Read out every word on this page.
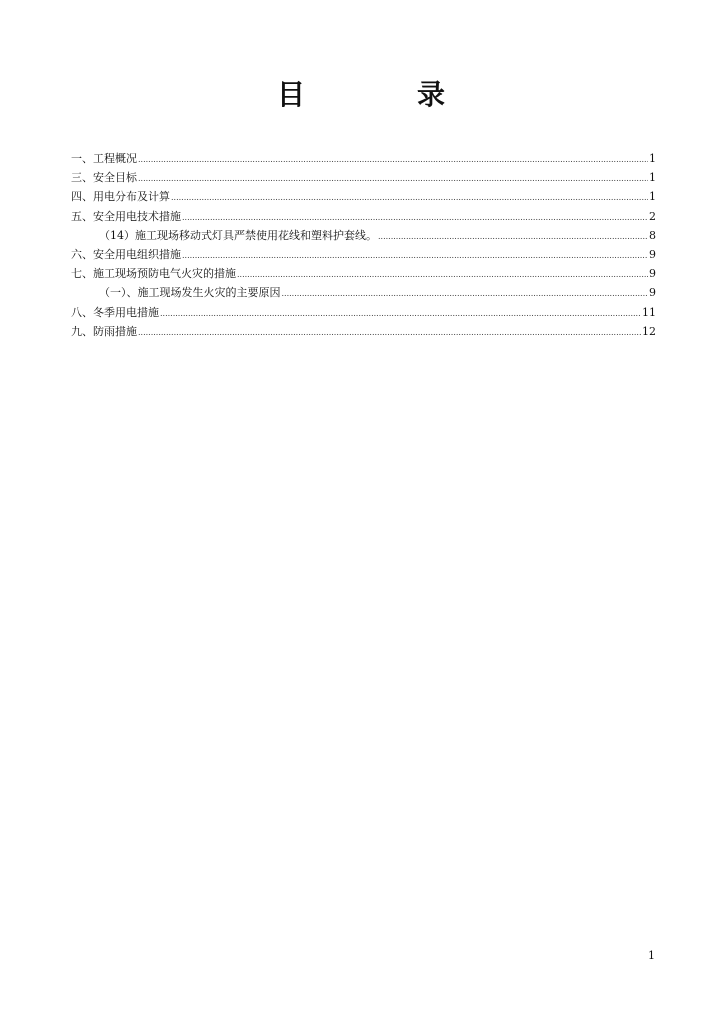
目	录
一、工程概况 .....	1
三、安全目标 .....	1
四、用电分布及计算 .....	1
五、安全用电技术措施 .....	2
（14）施工现场移动式灯具严禁使用花线和塑料护套线。 .....	8
六、安全用电组织措施 .....	9
七、施工现场预防电气火灾的措施 .....	9
（一）、施工现场发生火灾的主要原因 .....	9
八、冬季用电措施 .....	11
九、防雨措施 .....	12
1
